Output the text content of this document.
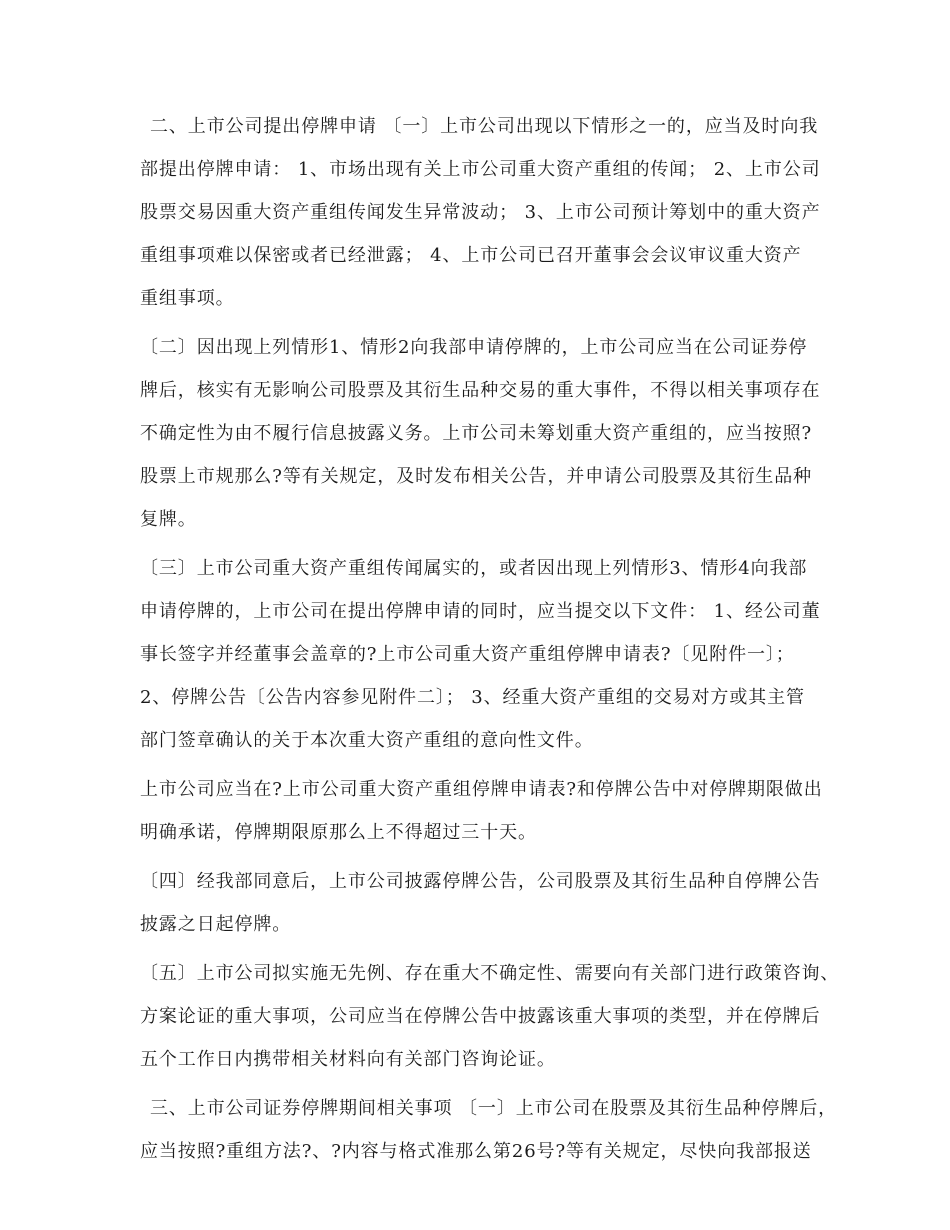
二、上市公司提出停牌申请 〔一〕上市公司出现以下情形之一的，应当及时向我
部提出停牌申请： 1、市场出现有关上市公司重大资产重组的传闻； 2、上市公司
股票交易因重大资产重组传闻发生异常波动； 3、上市公司预计筹划中的重大资产
重组事项难以保密或者已经泄露； 4、上市公司已召开董事会会议审议重大资产
重组事项。

〔二〕因出现上列情形1、情形2向我部申请停牌的，上市公司应当在公司证券停
牌后，核实有无影响公司股票及其衍生品种交易的重大事件，不得以相关事项存在
不确定性为由不履行信息披露义务。上市公司未筹划重大资产重组的，应当按照?
股票上市规那么?等有关规定，及时发布相关公告，并申请公司股票及其衍生品种
复牌。

〔三〕上市公司重大资产重组传闻属实的，或者因出现上列情形3、情形4向我部
申请停牌的，上市公司在提出停牌申请的同时，应当提交以下文件： 1、经公司董
事长签字并经董事会盖章的?上市公司重大资产重组停牌申请表?〔见附件一〕；
2、停牌公告〔公告内容参见附件二〕； 3、经重大资产重组的交易对方或其主管
部门签章确认的关于本次重大资产重组的意向性文件。

上市公司应当在?上市公司重大资产重组停牌申请表?和停牌公告中对停牌期限做出
明确承诺，停牌期限原那么上不得超过三十天。

〔四〕经我部同意后，上市公司披露停牌公告，公司股票及其衍生品种自停牌公告
披露之日起停牌。

〔五〕上市公司拟实施无先例、存在重大不确定性、需要向有关部门进行政策咨询、
方案论证的重大事项，公司应当在停牌公告中披露该重大事项的类型，并在停牌后
五个工作日内携带相关材料向有关部门咨询论证。

三、上市公司证券停牌期间相关事项 〔一〕上市公司在股票及其衍生品种停牌后，
应当按照?重组方法?、?内容与格式准那么第26号?等有关规定，尽快向我部报送
